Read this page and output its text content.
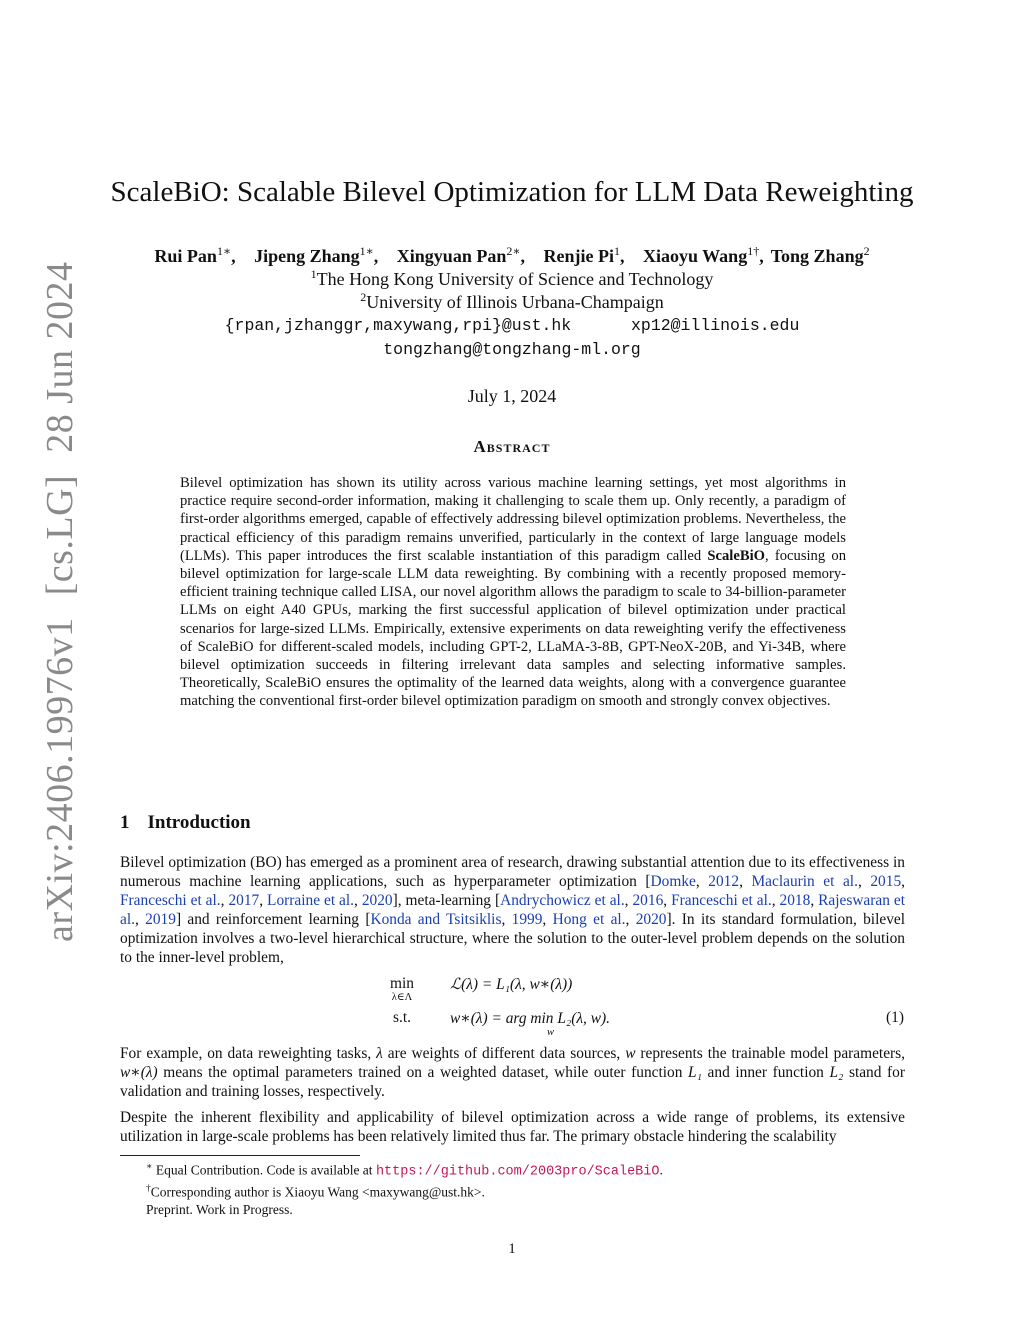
arXiv:2406.19976v1[cs.LG]28 Jun 2024
ScaleBiO: Scalable Bilevel Optimization for LLM Data Reweighting
Rui Pan$^{1∗}$, Jipeng Zhang$^{1∗}$, Xingyuan Pan$^{2∗}$, Renjie Pi$^1$, Xiaoyu Wang$^{1\dagger}$, Tong Zhang$^2$
$^1$The Hong Kong University of Science and Technology
$^2$University of Illinois Urbana-Champaign
{rpan,jzhanggr,maxywang,rpi}@ust.hk	xp12@illinois.edu
tongzhang@tongzhang-ml.org
July 1, 2024
Abstract
Bilevel optimization has shown its utility across various machine learning settings, yet most algorithms in practice require second-order information, making it challenging to scale them up. Only recently, a paradigm of first-order algorithms emerged, capable of effectively addressing bilevel optimization problems. Nevertheless, the practical efficiency of this paradigm remains unverified, particularly in the context of large language models (LLMs). This paper introduces the first scalable instantiation of this paradigm called ScaleBiO, focusing on bilevel optimization for large-scale LLM data reweighting. By combining with a recently proposed memory-efficient training technique called LISA, our novel algorithm allows the paradigm to scale to 34-billion-parameter LLMs on eight A40 GPUs, marking the first successful application of bilevel optimization under practical scenarios for large-sized LLMs. Empirically, extensive experiments on data reweighting verify the effectiveness of ScaleBiO for different-scaled models, including GPT-2, LLaMA-3-8B, GPT-NeoX-20B, and Yi-34B, where bilevel optimization succeeds in filtering irrelevant data samples and selecting informative samples. Theoretically, ScaleBiO ensures the optimality of the learned data weights, along with a convergence guarantee matching the conventional first-order bilevel optimization paradigm on smooth and strongly convex objectives.
1 Introduction
Bilevel optimization (BO) has emerged as a prominent area of research, drawing substantial attention due to its effectiveness in numerous machine learning applications, such as hyperparameter optimization [Domke, 2012, Maclaurin et al., 2015, Franceschi et al., 2017, Lorraine et al., 2020], meta-learning [Andrychowicz et al., 2016, Franceschi et al., 2018, Rajeswaran et al., 2019] and reinforcement learning [Konda and Tsitsiklis, 1999, Hong et al., 2020]. In its standard formulation, bilevel optimization involves a two-level hierarchical structure, where the solution to the outer-level problem depends on the solution to the inner-level problem,
min
λ∈Λ
ℒ(λ) = L₁(λ, w∗(λ))
s.t.	w∗(λ) = arg min
w
L₂(λ, w).	(1)
For example, on data reweighting tasks, λ are weights of different data sources, w represents the trainable model parameters, w∗(λ) means the optimal parameters trained on a weighted dataset, while outer function L₁ and inner function L₂ stand for validation and training losses, respectively.
Despite the inherent flexibility and applicability of bilevel optimization across a wide range of problems, its extensive utilization in large-scale problems has been relatively limited thus far. The primary obstacle hindering the scalability
∗ Equal Contribution. Code is available at https://github.com/2003pro/ScaleBiO.
†Corresponding author is Xiaoyu Wang <maxywang@ust.hk>.
Preprint. Work in Progress.
1
